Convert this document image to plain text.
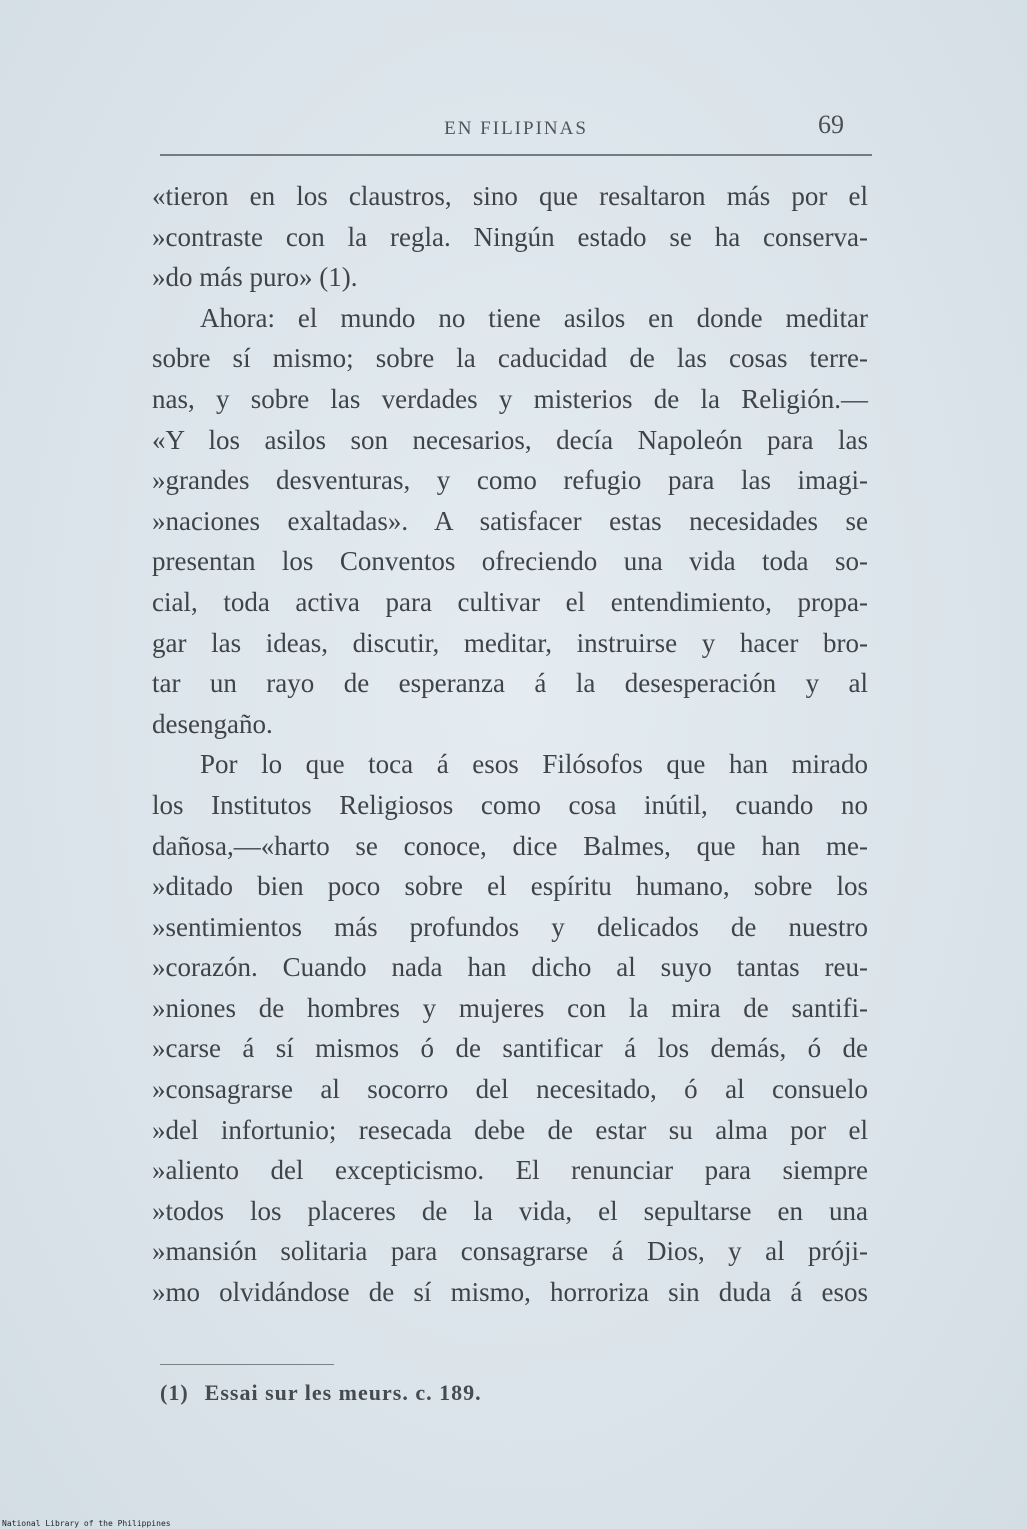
EN FILIPINAS	69
«tieron en los claustros, sino que resaltaron más por el
»contraste con la regla. Ningún estado se ha conserva-
»do más puro» (1).
Ahora: el mundo no tiene asilos en donde meditar
sobre sí mismo; sobre la caducidad de las cosas terre-
nas, y sobre las verdades y misterios de la Religión.—
«Y los asilos son necesarios, decía Napoleón para las
»grandes desventuras, y como refugio para las imagi-
»naciones exaltadas». A satisfacer estas necesidades se
presentan los Conventos ofreciendo una vida toda so-
cial, toda activa para cultivar el entendimiento, propa-
gar las ideas, discutir, meditar, instruirse y hacer bro-
tar un rayo de esperanza á la desesperación y al
desengaño.
Por lo que toca á esos Filósofos que han mirado
los Institutos Religiosos como cosa inútil, cuando no
dañosa,—«harto se conoce, dice Balmes, que han me-
»ditado bien poco sobre el espíritu humano, sobre los
»sentimientos más profundos y delicados de nuestro
»corazón. Cuando nada han dicho al suyo tantas reu-
»niones de hombres y mujeres con la mira de santifi-
»carse á sí mismos ó de santificar á los demás, ó de
»consagrarse al socorro del necesitado, ó al consuelo
»del infortunio; resecada debe de estar su alma por el
»aliento del excepticismo. El renunciar para siempre
»todos los placeres de la vida, el sepultarse en una
»mansión solitaria para consagrarse á Dios, y al próji-
»mo olvidándose de sí mismo, horroriza sin duda á esos
(1) Essai sur les meurs. c. 189.
National Library of the Philippines
